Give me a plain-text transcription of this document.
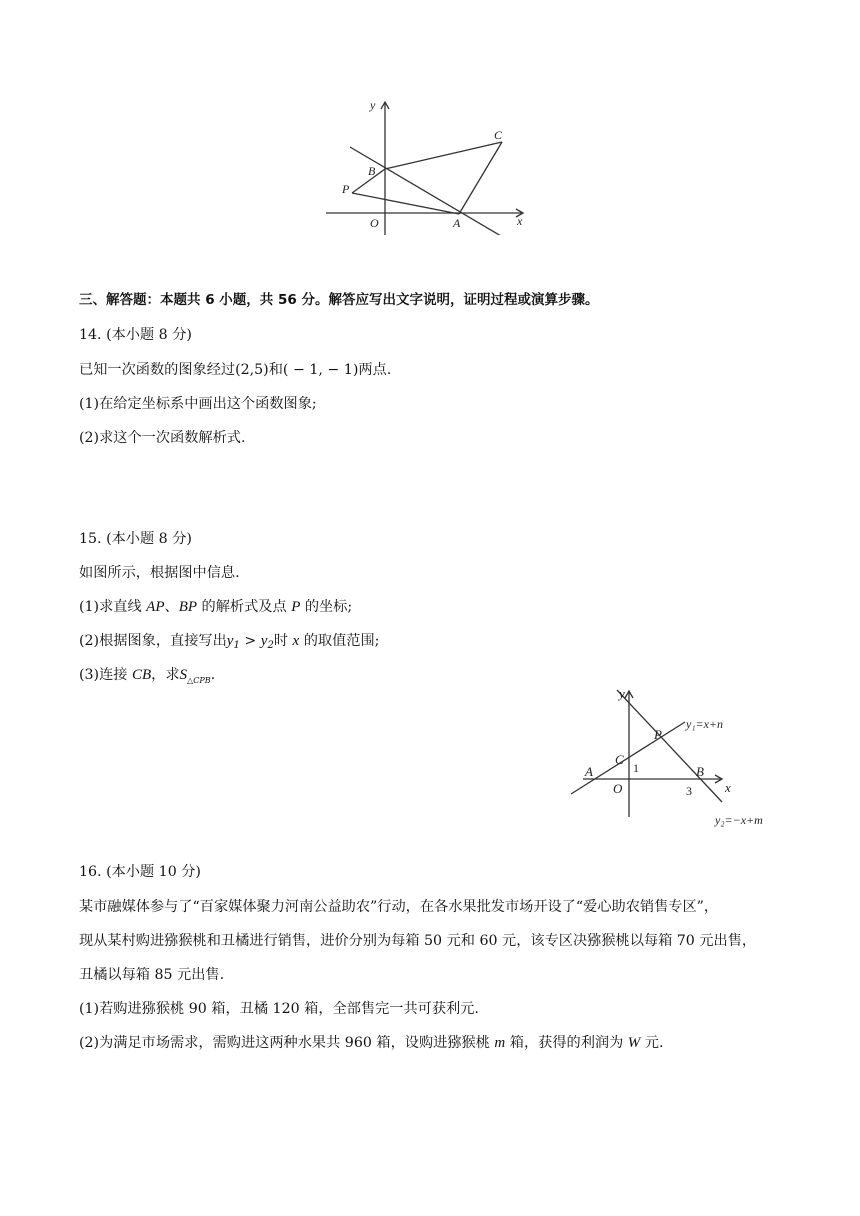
y
x
O	A
B
C
P

三、解答题：本题共 6 小题，共 56 分。解答应写出文字说明，证明过程或演算步骤。

14. (本小题 8 分)

已知一次函数的图象经过(2,5)和( − 1, − 1)两点.

(1)在给定坐标系中画出这个函数图象;

(2)求这个一次函数解析式.

15. (本小题 8 分)

如图所示，根据图中信息.

(1)求直线 AP、BP 的解析式及点 P 的坐标;

(2)根据图象，直接写出$y_1 > y_2$时 x 的取值范围;

(3)连接 CB，求$S_{\triangle CPB}$.

y
x
O
A	B
C
P
y₁=x+n
y₂=−x+m
1
3

16. (本小题 10 分)

某市融媒体参与了“百家媒体聚力河南公益助农”行动，在各水果批发市场开设了“爱心助农销售专区”，

现从某村购进猕猴桃和丑橘进行销售，进价分别为每箱 50 元和 60 元，该专区决猕猴桃以每箱 70 元出售，

丑橘以每箱 85 元出售.

(1)若购进猕猴桃 90 箱，丑橘 120 箱，全部售完一共可获利元.

(2)为满足市场需求，需购进这两种水果共 960 箱，设购进猕猴桃 m 箱，获得的利润为 W 元.
